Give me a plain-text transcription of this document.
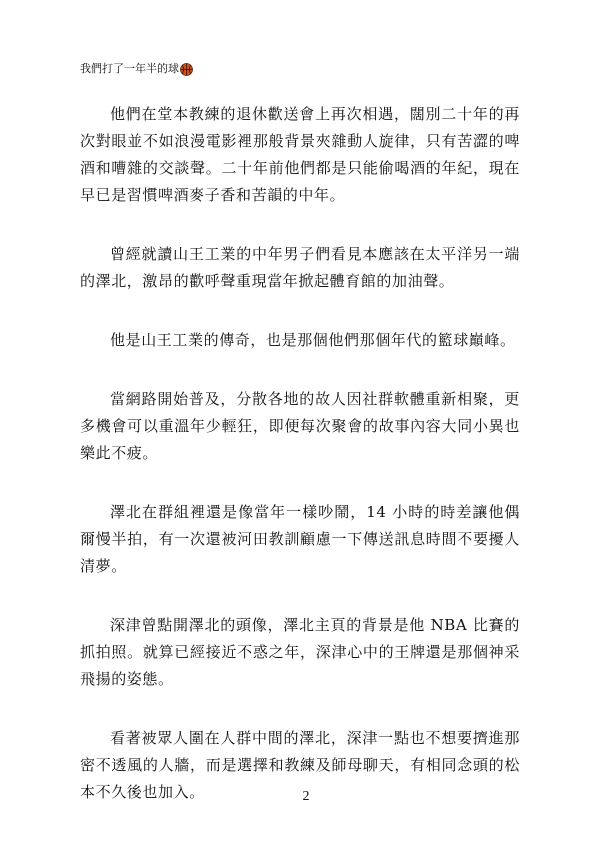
我們打了一年半的球

他們在堂本教練的退休歡送會上再次相遇，闊別二十年的再次對眼並不如浪漫電影裡那般背景夾雜動人旋律，只有苦澀的啤酒和嘈雜的交談聲。二十年前他們都是只能偷喝酒的年紀，現在早已是習慣啤酒麥子香和苦韻的中年。

曾經就讀山王工業的中年男子們看見本應該在太平洋另一端的澤北，激昂的歡呼聲重現當年掀起體育館的加油聲。

他是山王工業的傳奇，也是那個他們那個年代的籃球巔峰。

當網路開始普及，分散各地的故人因社群軟體重新相聚，更多機會可以重溫年少輕狂，即便每次聚會的故事內容大同小異也樂此不疲。

澤北在群組裡還是像當年一樣吵鬧，14 小時的時差讓他偶爾慢半拍，有一次還被河田教訓顧慮一下傳送訊息時間不要擾人清夢。

深津曾點開澤北的頭像，澤北主頁的背景是他 NBA 比賽的抓拍照。就算已經接近不惑之年，深津心中的王牌還是那個神采飛揚的姿態。

看著被眾人圍在人群中間的澤北，深津一點也不想要擠進那密不透風的人牆，而是選擇和教練及師母聊天，有相同念頭的松本不久後也加入。	2
